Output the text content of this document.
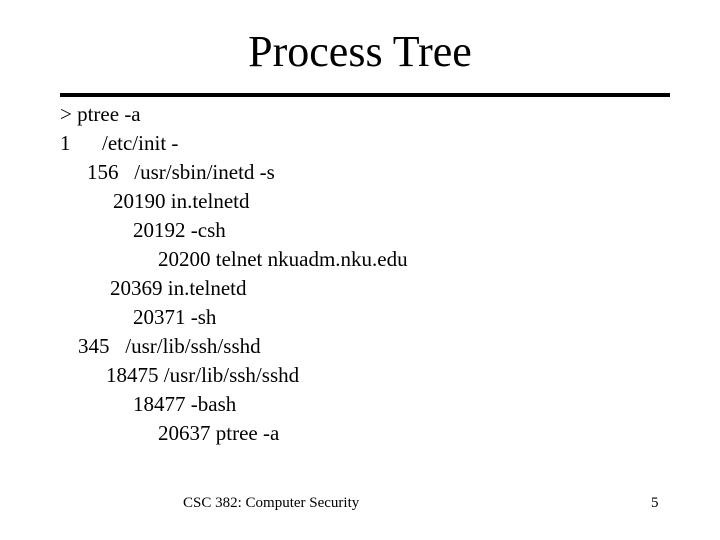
Process Tree
> ptree -a
1      /etc/init -
156   /usr/sbin/inetd -s
20190 in.telnetd
20192 -csh
20200 telnet nkuadm.nku.edu
20369 in.telnetd
20371 -sh
345   /usr/lib/ssh/sshd
18475 /usr/lib/ssh/sshd
18477 -bash
20637 ptree -a
CSC 382: Computer Security	5
